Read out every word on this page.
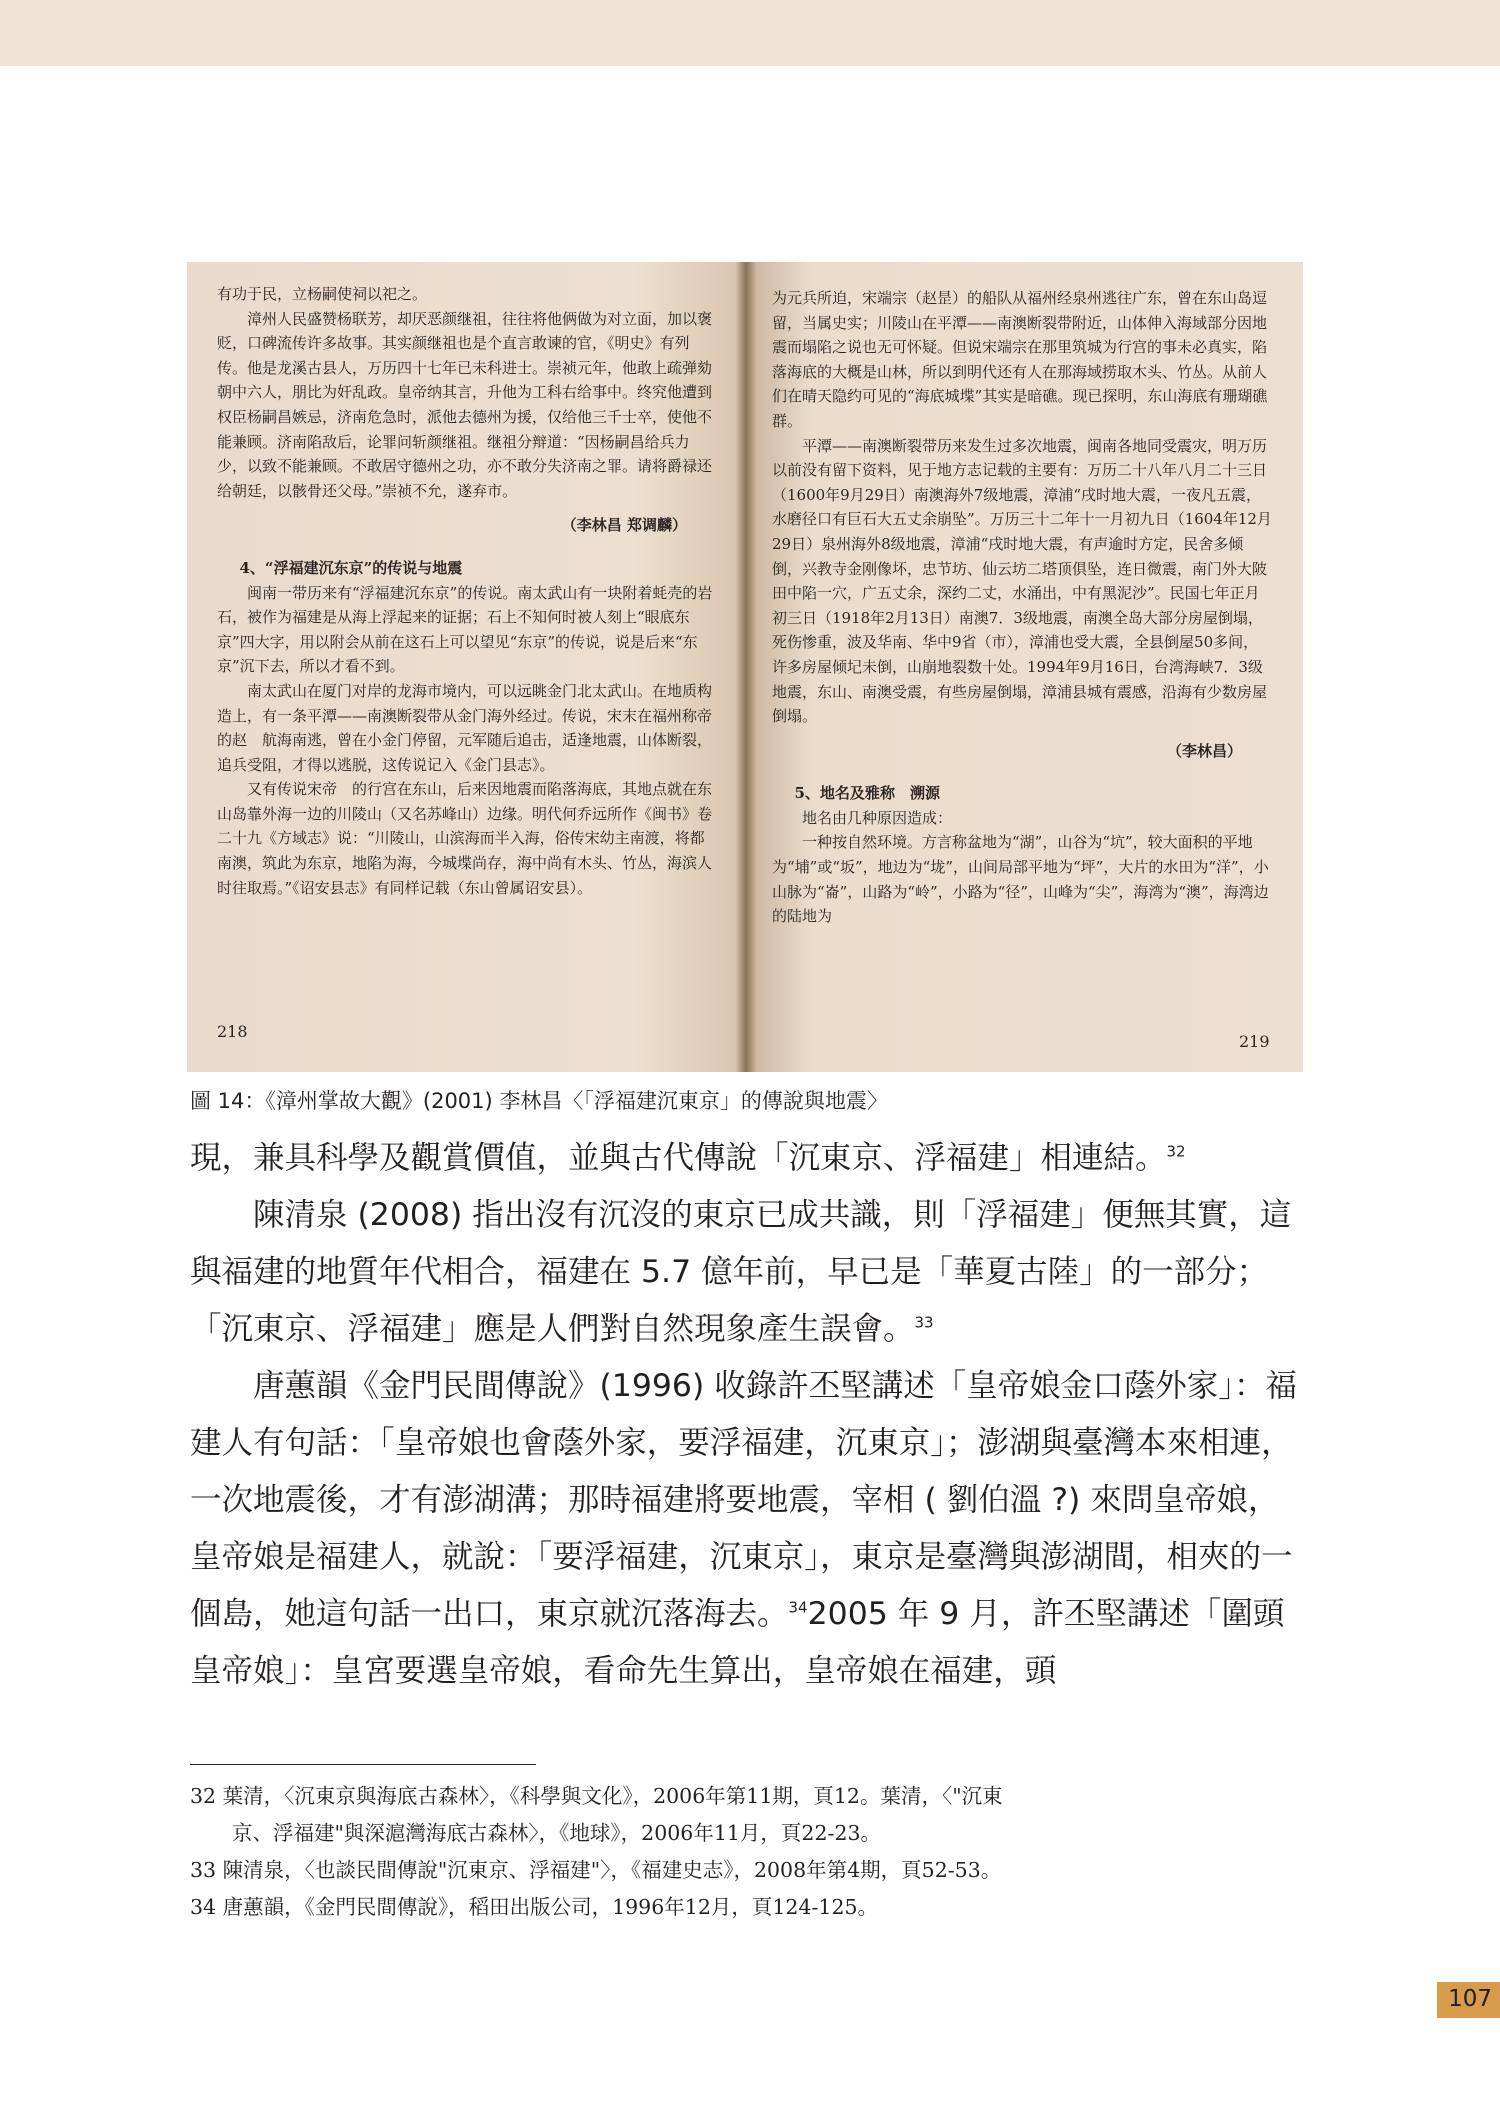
有功于民，立杨嗣使祠以祀之。

漳州人民盛赞杨联芳，却厌恶颜继祖，往往将他俩做为对立面，加以褒贬，口碑流传许多故事。其实颜继祖也是个直言敢谏的官，《明史》有列传。他是龙溪古县人，万历四十七年已未科进士。崇祯元年，他敢上疏弹劾朝中六人，朋比为奸乱政。皇帝纳其言，升他为工科右给事中。终究他遭到权臣杨嗣昌嫉忌，济南危急时，派他去德州为援，仅给他三千士卒，使他不能兼顾。济南陷敌后，论罪问斩颜继祖。继祖分辩道：“因杨嗣昌给兵力少，以致不能兼顾。不敢居守德州之功，亦不敢分失济南之罪。请将爵禄还给朝廷，以骸骨还父母。”崇祯不允，遂弃市。

（李林昌 郑调麟）

4、“浮福建沉东京”的传说与地震

闽南一带历来有“浮福建沉东京”的传说。南太武山有一块附着蚝壳的岩石，被作为福建是从海上浮起来的证据；石上不知何时被人刻上“眼底东京”四大字，用以附会从前在这石上可以望见“东京”的传说，说是后来“东京”沉下去，所以才看不到。

南太武山在厦门对岸的龙海市境内，可以远眺金门北太武山。在地质构造上，有一条平潭——南澳断裂带从金门海外经过。传说，宋末在福州称帝的赵　航海南逃，曾在小金门停留，元军随后追击，适逢地震，山体断裂，追兵受阻，才得以逃脱，这传说记入《金门县志》。

又有传说宋帝　的行宫在东山，后来因地震而陷落海底，其地点就在东山岛靠外海一边的川陵山（又名苏峰山）边缘。明代何乔远所作《闽书》卷二十九《方域志》说：“川陵山，山滨海而半入海，俗传宋幼主南渡，将都南澳，筑此为东京，地陷为海，今城堞尚存，海中尚有木头、竹丛，海滨人时往取焉。”《诏安县志》有同样记载（东山曾属诏安县）。

为元兵所迫，宋端宗（赵昰）的船队从福州经泉州逃往广东，曾在东山岛逗留，当属史实；川陵山在平潭——南澳断裂带附近，山体伸入海域部分因地震而塌陷之说也无可怀疑。但说宋端宗在那里筑城为行宫的事未必真实，陷落海底的大概是山林，所以到明代还有人在那海域捞取木头、竹丛。从前人们在晴天隐约可见的“海底城堞”其实是暗礁。现已探明，东山海底有珊瑚礁群。

平潭——南澳断裂带历来发生过多次地震，闽南各地同受震灾，明万历以前没有留下资料，见于地方志记载的主要有：万历二十八年八月二十三日（1600年9月29日）南澳海外7级地震，漳浦“戌时地大震，一夜凡五震，水磨径口有巨石大五丈余崩坠”。万历三十二年十一月初九日（1604年12月29日）泉州海外8级地震，漳浦“戌时地大震，有声逾时方定，民舍多倾倒，兴教寺金刚像坏，忠节坊、仙云坊二塔顶俱坠，连日微震，南门外大陂田中陷一穴，广五丈余，深约二丈，水涌出，中有黑泥沙”。民国七年正月初三日（1918年2月13日）南澳7．3级地震，南澳全岛大部分房屋倒塌，死伤惨重，波及华南、华中9省（市），漳浦也受大震，全县倒屋50多间，许多房屋倾圮未倒，山崩地裂数十处。1994年9月16日，台湾海峡7．3级地震，东山、南澳受震，有些房屋倒塌，漳浦县城有震感，沿海有少数房屋倒塌。

（李林昌）

5、地名及雅称　溯源

地名由几种原因造成：

一种按自然环境。方言称盆地为“湖”，山谷为“坑”，较大面积的平地为“埔”或“坂”，地边为“垅”，山间局部平地为“坪”，大片的水田为“洋”，小山脉为“崙”，山路为“岭”，小路为“径”，山峰为“尖”，海湾为“澳”，海湾边的陆地为

218
219
圖 14：《漳州掌故大觀》(2001) 李林昌〈「浮福建沉東京」的傳說與地震〉

現，兼具科學及觀賞價值，並與古代傳說「沉東京、浮福建」相連結。$^{32}$

陳清泉 (2008) 指出沒有沉沒的東京已成共識，則「浮福建」便無其實，這與福建的地質年代相合，福建在 5.7 億年前，早已是「華夏古陸」的一部分；「沉東京、浮福建」應是人們對自然現象產生誤會。$^{33}$

唐蕙韻《金門民間傳說》(1996) 收錄許丕堅講述「皇帝娘金口蔭外家」：福建人有句話：「皇帝娘也會蔭外家，要浮福建，沉東京」；澎湖與臺灣本來相連，一次地震後，才有澎湖溝；那時福建將要地震，宰相 ( 劉伯溫 ?) 來問皇帝娘，皇帝娘是福建人，就說：「要浮福建，沉東京」，東京是臺灣與澎湖間，相夾的一個島，她這句話一出口，東京就沉落海去。$^{34}$2005 年 9 月，許丕堅講述「圍頭皇帝娘」：皇宮要選皇帝娘，看命先生算出，皇帝娘在福建，頭

32 葉清，〈沉東京與海底古森林〉，《科學與文化》，2006年第11期，頁12。葉清，〈"沉東

京、浮福建"與深滬灣海底古森林〉，《地球》，2006年11月，頁22-23。

33 陳清泉，〈也談民間傳說"沉東京、浮福建"〉，《福建史志》，2008年第4期，頁52-53。

34 唐蕙韻，《金門民間傳說》，稻田出版公司，1996年12月，頁124-125。

107
